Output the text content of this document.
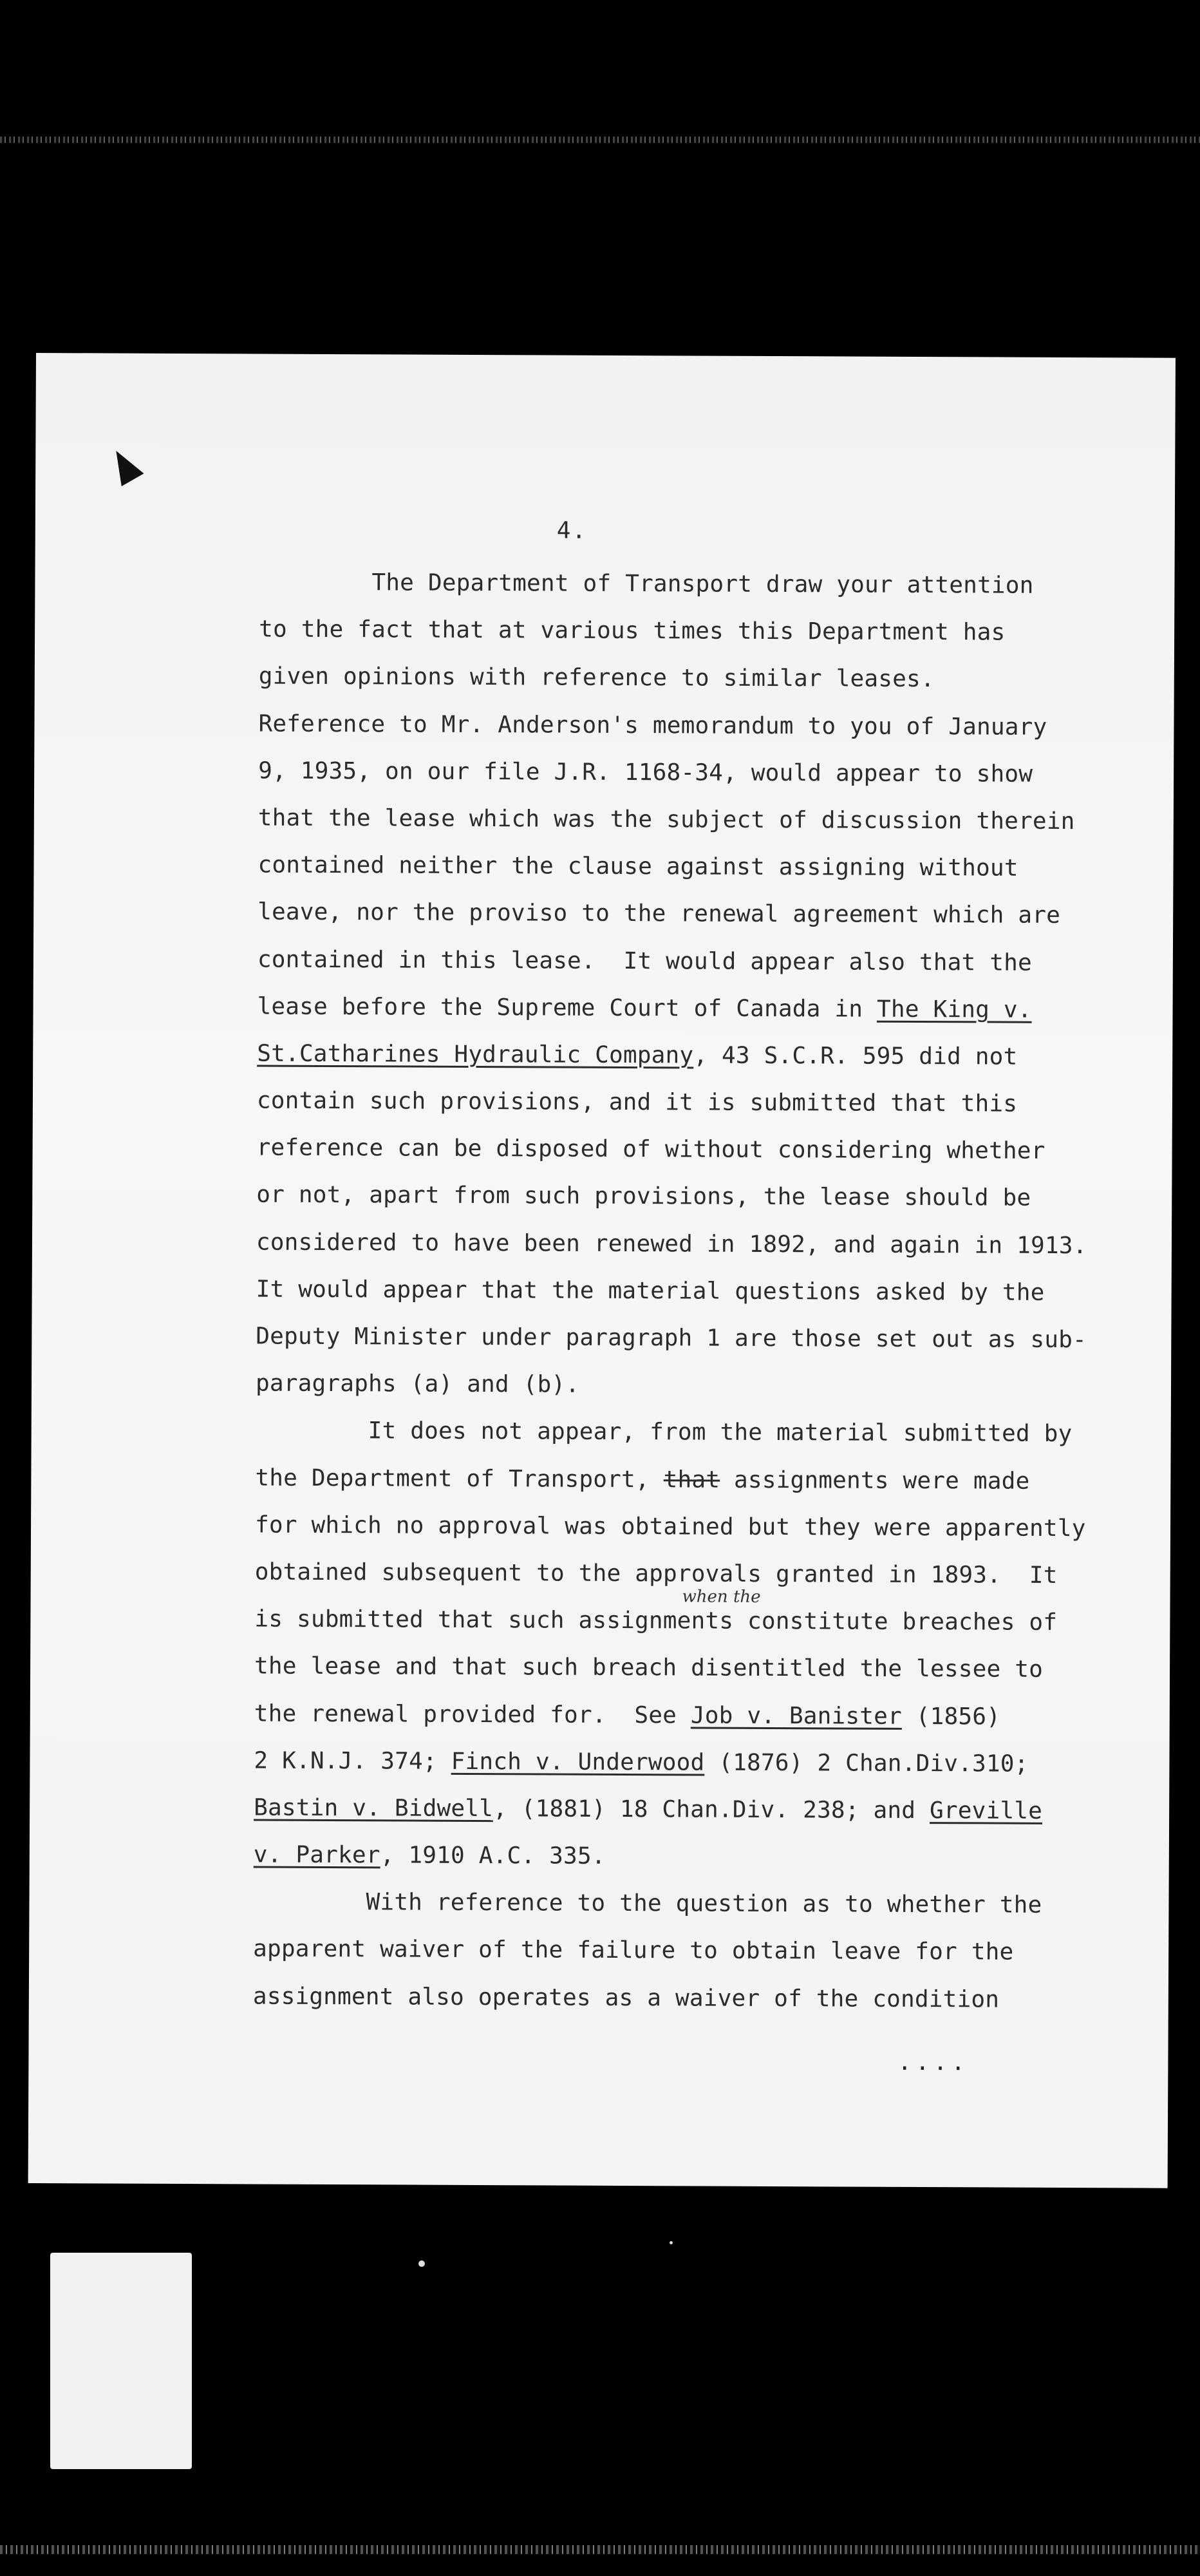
4.
when the
The Department of Transport draw your attention
to the fact that at various times this Department has
given opinions with reference to similar leases.
Reference to Mr. Anderson's memorandum to you of January
9, 1935, on our file J.R. 1168-34, would appear to show
that the lease which was the subject of discussion therein
contained neither the clause against assigning without
leave, nor the proviso to the renewal agreement which are
contained in this lease.  It would appear also that the
lease before the Supreme Court of Canada in The King v.
St.Catharines Hydraulic Company, 43 S.C.R. 595 did not
contain such provisions, and it is submitted that this
reference can be disposed of without considering whether
or not, apart from such provisions, the lease should be
considered to have been renewed in 1892, and again in 1913.
It would appear that the material questions asked by the
Deputy Minister under paragraph 1 are those set out as sub-
paragraphs (a) and (b).
It does not appear, from the material submitted by
the Department of Transport, that assignments were made
for which no approval was obtained but they were apparently
obtained subsequent to the approvals granted in 1893.  It
is submitted that such assignments constitute breaches of
the lease and that such breach disentitled the lessee to
the renewal provided for.  See Job v. Banister (1856)
2 K.N.J. 374; Finch v. Underwood (1876) 2 Chan.Div.310;
Bastin v. Bidwell, (1881) 18 Chan.Div. 238; and Greville
v. Parker, 1910 A.C. 335.
With reference to the question as to whether the
apparent waiver of the failure to obtain leave for the
assignment also operates as a waiver of the condition
....
